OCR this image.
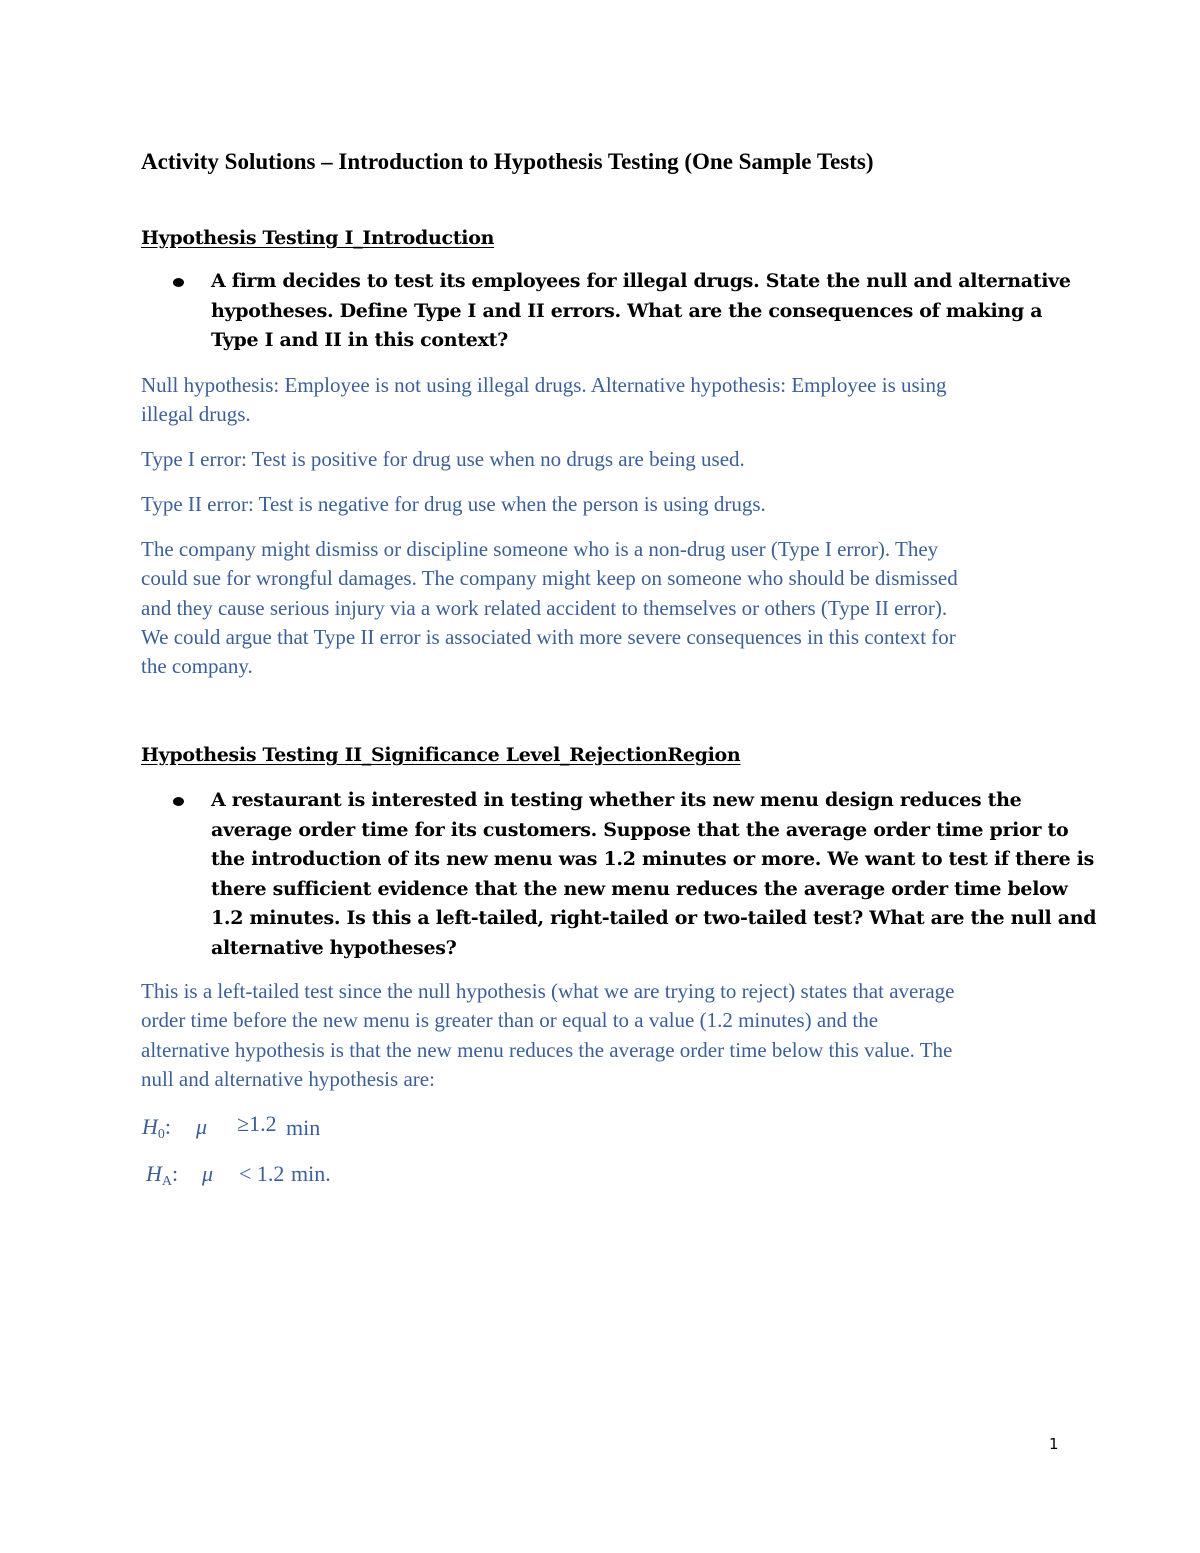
Activity Solutions – Introduction to Hypothesis Testing (One Sample Tests)
Hypothesis Testing I_Introduction
A firm decides to test its employees for illegal drugs. State the null and alternative
hypotheses. Define Type I and II errors. What are the consequences of making a
Type I and II in this context?
Null hypothesis: Employee is not using illegal drugs. Alternative hypothesis: Employee is using
illegal drugs.
Type I error: Test is positive for drug use when no drugs are being used.
Type II error: Test is negative for drug use when the person is using drugs.
The company might dismiss or discipline someone who is a non-drug user (Type I error). They
could sue for wrongful damages. The company might keep on someone who should be dismissed
and they cause serious injury via a work related accident to themselves or others (Type II error).
We could argue that Type II error is associated with more severe consequences in this context for
the company.
Hypothesis Testing II_Significance Level_RejectionRegion
A restaurant is interested in testing whether its new menu design reduces the
average order time for its customers. Suppose that the average order time prior to
the introduction of its new menu was 1.2 minutes or more. We want to test if there is
there sufficient evidence that the new menu reduces the average order time below
1.2 minutes. Is this a left-tailed, right-tailed or two-tailed test? What are the null and
alternative hypotheses?
This is a left-tailed test since the null hypothesis (what we are trying to reject) states that average
order time before the new menu is greater than or equal to a value (1.2 minutes) and the
alternative hypothesis is that the new menu reduces the average order time below this value. The
null and alternative hypothesis are:
$H_0$: μ ≥1.2 min
$H_A$: μ < 1.2 min.
1
